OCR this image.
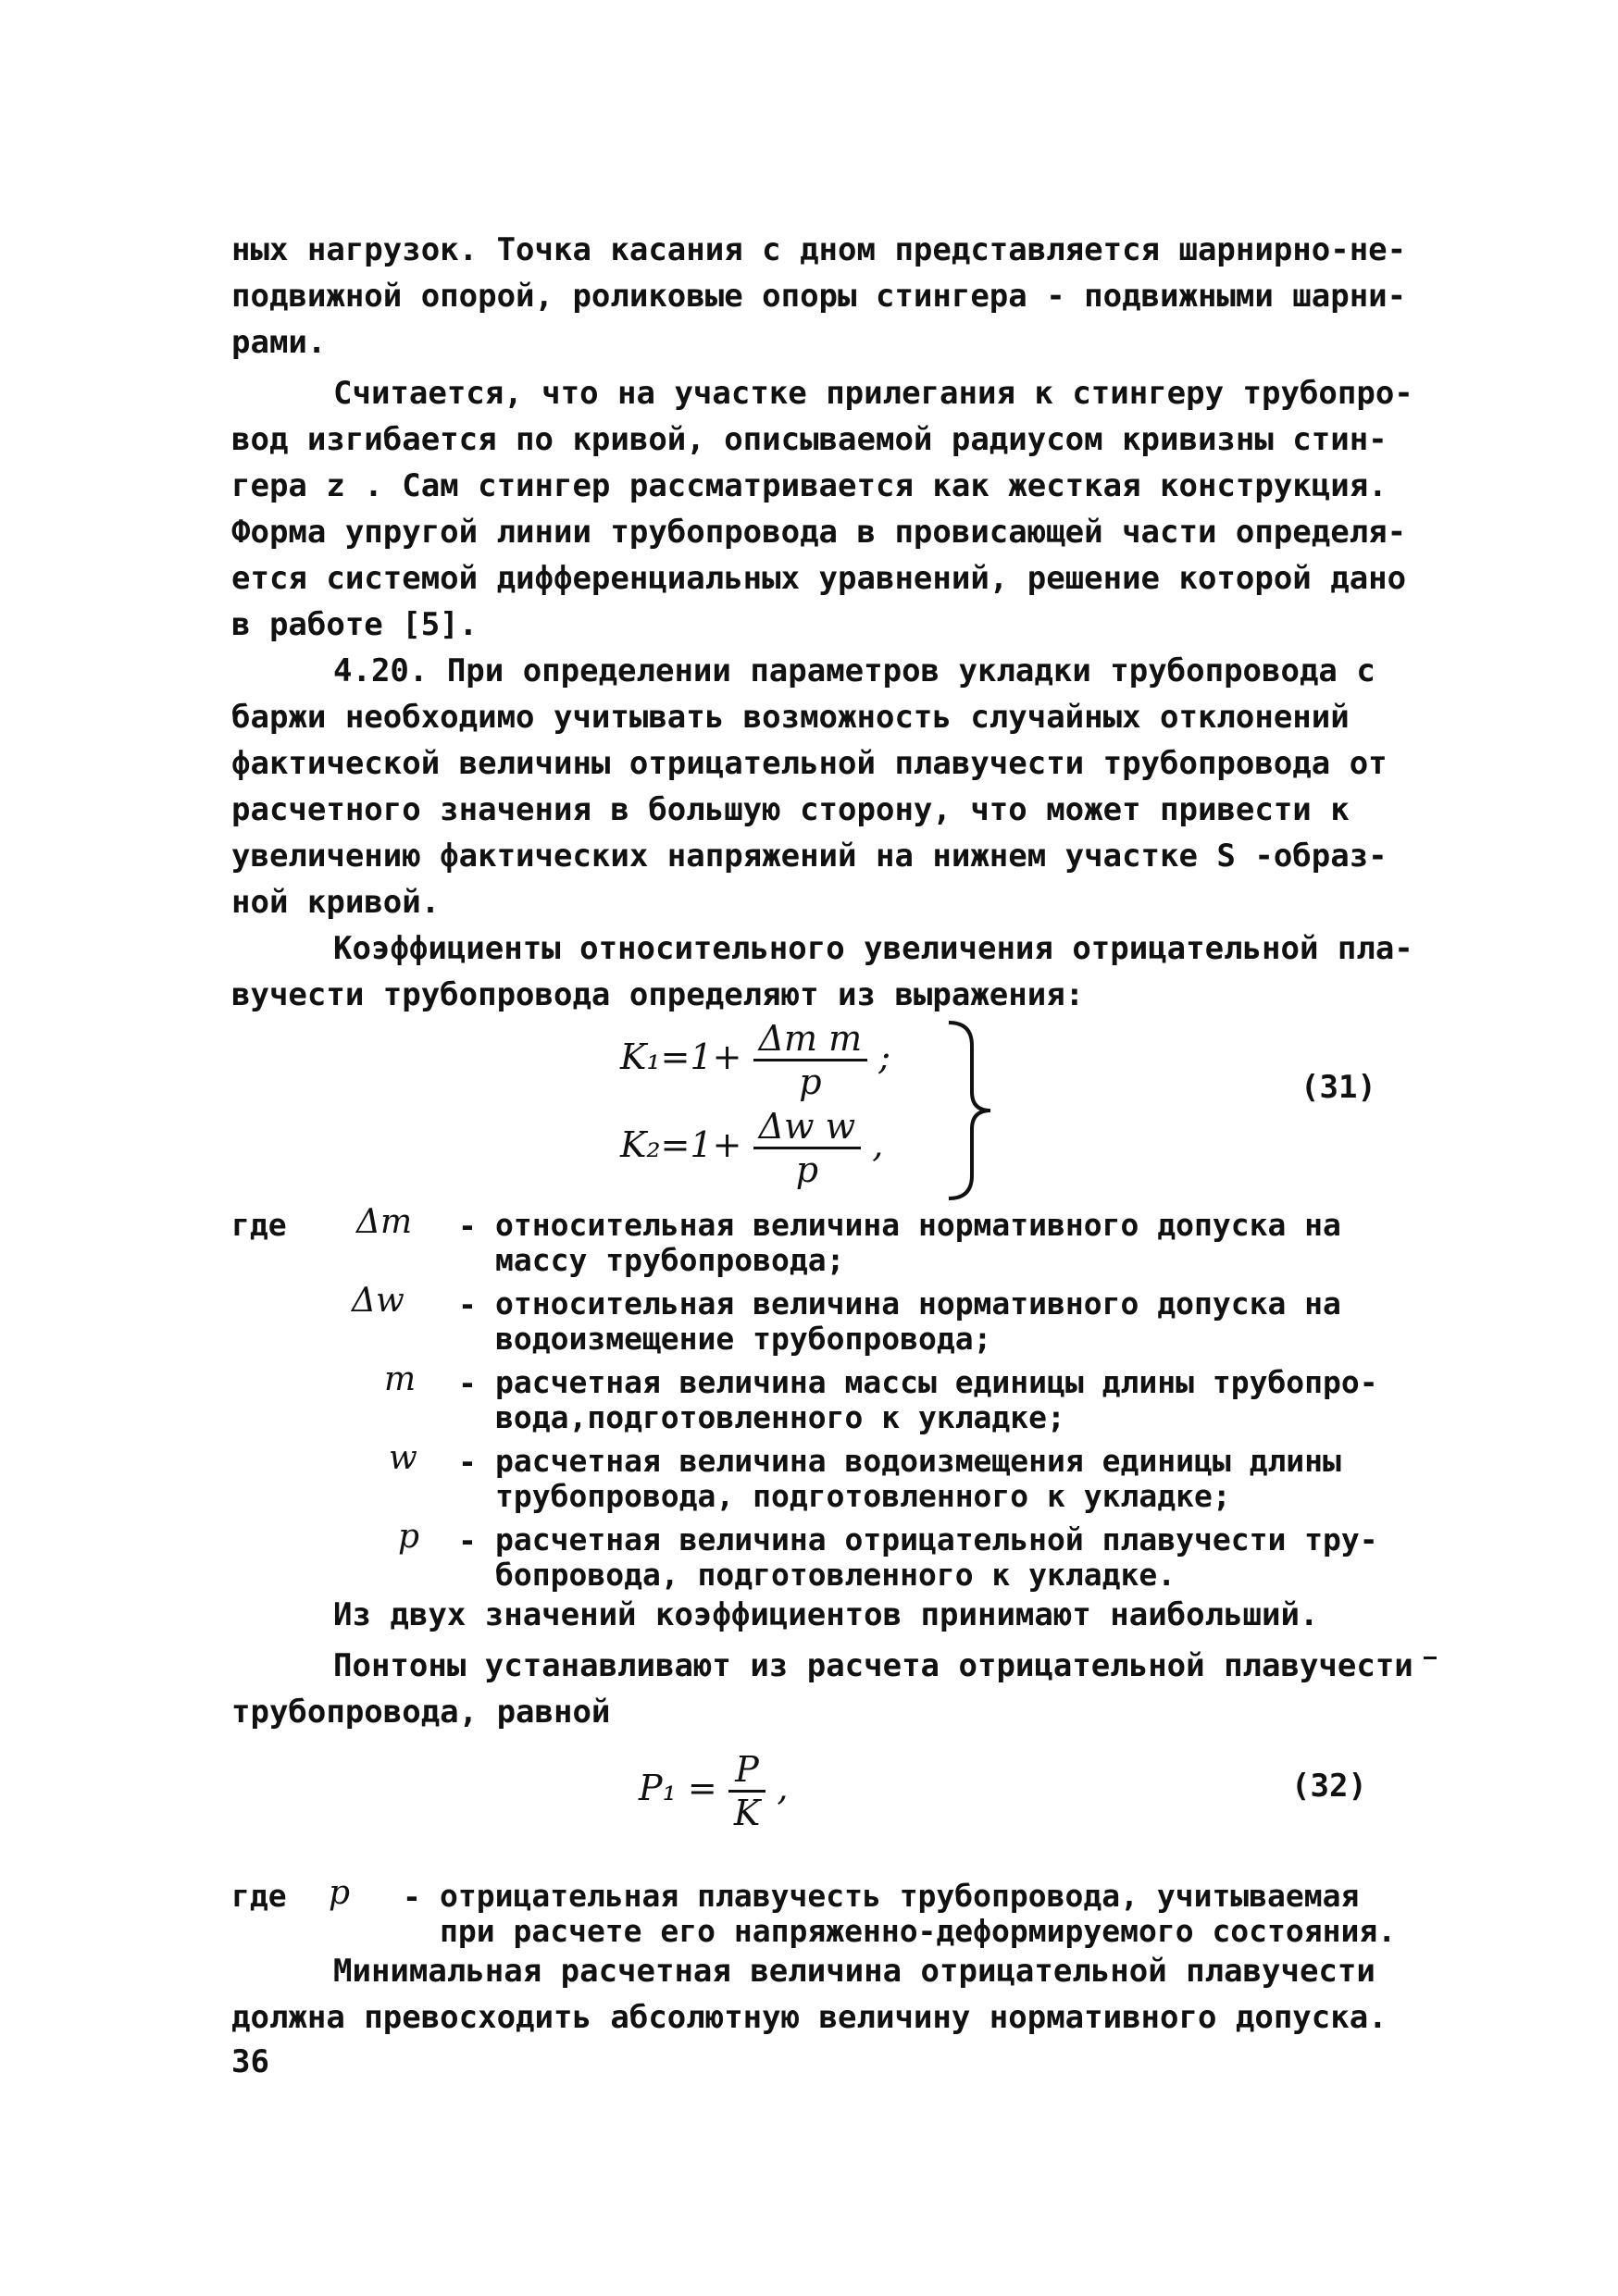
ных нагрузок. Точка касания с дном представляется шарнирно-не-
подвижной опорой, роликовые опоры стингера - подвижными шарни-
рами.
Считается, что на участке прилегания к стингеру трубопро-
вод изгибается по кривой, описываемой радиусом кривизны стин-
гера z . Сам стингер рассматривается как жесткая конструкция.
Форма упругой линии трубопровода в провисающей части определя-
ется системой дифференциальных уравнений, решение которой дано
в работе [5].
4.20. При определении параметров укладки трубопровода с
баржи необходимо учитывать возможность случайных отклонений
фактической величины отрицательной плавучести трубопровода от
расчетного значения в большую сторону, что может привести к
увеличению фактических напряжений на нижнем участке S -образ-
ной кривой.
Коэффициенты относительного увеличения отрицательной пла-
вучести трубопровода определяют из выражения:
$K_1=1+ \frac{\text{Δm m}}{p}$ ;
$K_2=1+ \frac{\text{Δw w}}{p}$ ,
(31)
где Δm - относительная величина нормативного допуска на
массу трубопровода;
Δw - относительная величина нормативного допуска на
водоизмещение трубопровода;
m - расчетная величина массы единицы длины трубопро-
вода,подготовленного к укладке;
w - расчетная величина водоизмещения единицы длины
трубопровода, подготовленного к укладке;
p - расчетная величина отрицательной плавучести тру-
бопровода, подготовленного к укладке.
Из двух значений коэффициентов принимают наибольший.
Понтоны устанавливают из расчета отрицательной плавучести
трубопровода, равной
$P_1 = \frac{P}{K}$ ,	(32)
где p - отрицательная плавучесть трубопровода, учитываемая
при расчете его напряженно-деформируемого состояния.
Минимальная расчетная величина отрицательной плавучести
должна превосходить абсолютную величину нормативного допуска.
36
